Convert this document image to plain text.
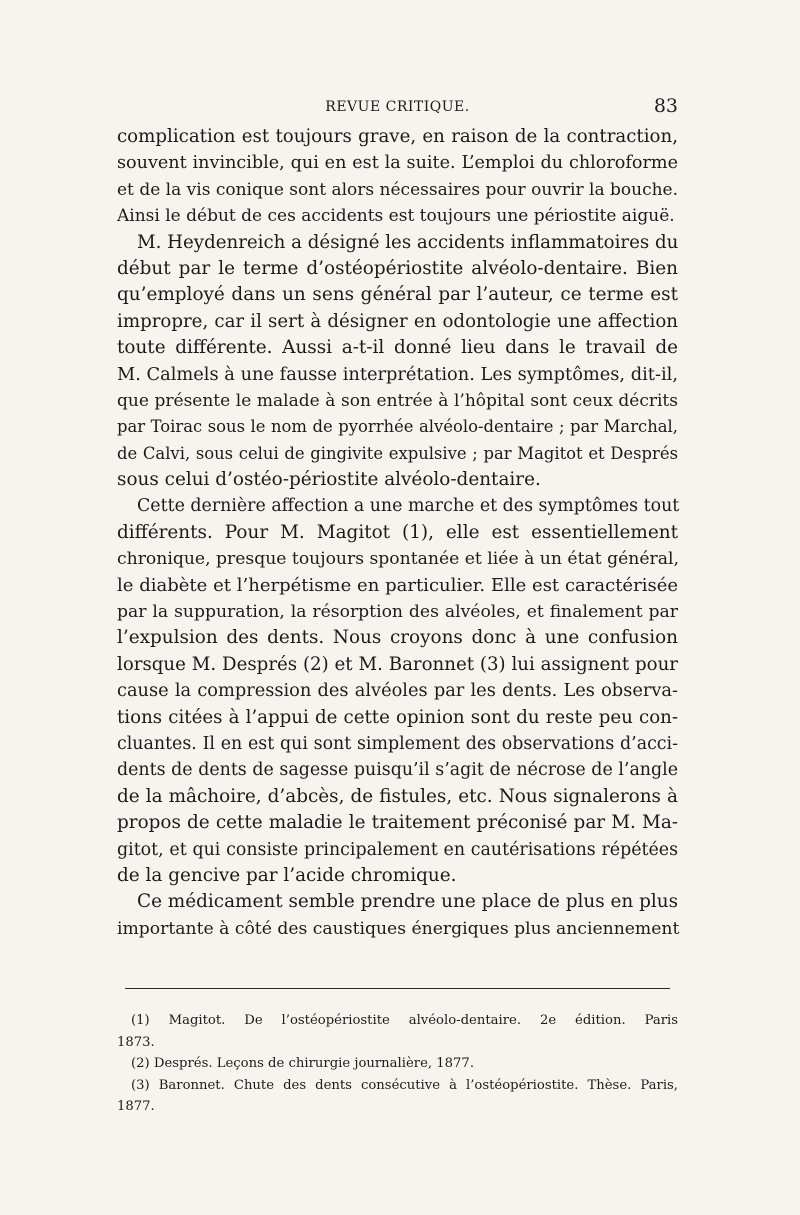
REVUE CRITIQUE.	83
complication est toujours grave, en raison de la contraction,
souvent invincible, qui en est la suite. L’emploi du chloroforme
et de la vis conique sont alors nécessaires pour ouvrir la bouche.
Ainsi le début de ces accidents est toujours une périostite aiguë.
M. Heydenreich a désigné les accidents inflammatoires du
début par le terme d’ostéopériostite alvéolo-dentaire. Bien
qu’employé dans un sens général par l’auteur, ce terme est
impropre, car il sert à désigner en odontologie une affection
toute différente. Aussi a-t-il donné lieu dans le travail de
M. Calmels à une fausse interprétation. Les symptômes, dit-il,
que présente le malade à son entrée à l’hôpital sont ceux décrits
par Toirac sous le nom de pyorrhée alvéolo-dentaire ; par Marchal,
de Calvi, sous celui de gingivite expulsive ; par Magitot et Després
sous celui d’ostéo-périostite alvéolo-dentaire.
Cette dernière affection a une marche et des symptômes tout
différents. Pour M. Magitot (1), elle est essentiellement
chronique, presque toujours spontanée et liée à un état général,
le diabète et l’herpétisme en particulier. Elle est caractérisée
par la suppuration, la résorption des alvéoles, et finalement par
l’expulsion des dents. Nous croyons donc à une confusion
lorsque M. Després (2) et M. Baronnet (3) lui assignent pour
cause la compression des alvéoles par les dents. Les observa-
tions citées à l’appui de cette opinion sont du reste peu con-
cluantes. Il en est qui sont simplement des observations d’acci-
dents de dents de sagesse puisqu’il s’agit de nécrose de l’angle
de la mâchoire, d’abcès, de fistules, etc. Nous signalerons à
propos de cette maladie le traitement préconisé par M. Ma-
gitot, et qui consiste principalement en cautérisations répétées
de la gencive par l’acide chromique.
Ce médicament semble prendre une place de plus en plus
importante à côté des caustiques énergiques plus anciennement
(1) Magitot. De l’ostéopériostite alvéolo-dentaire. 2e édition. Paris
1873.
(2) Després. Leçons de chirurgie journalière, 1877.
(3) Baronnet. Chute des dents consécutive à l’ostéopériostite. Thèse. Paris,
1877.
